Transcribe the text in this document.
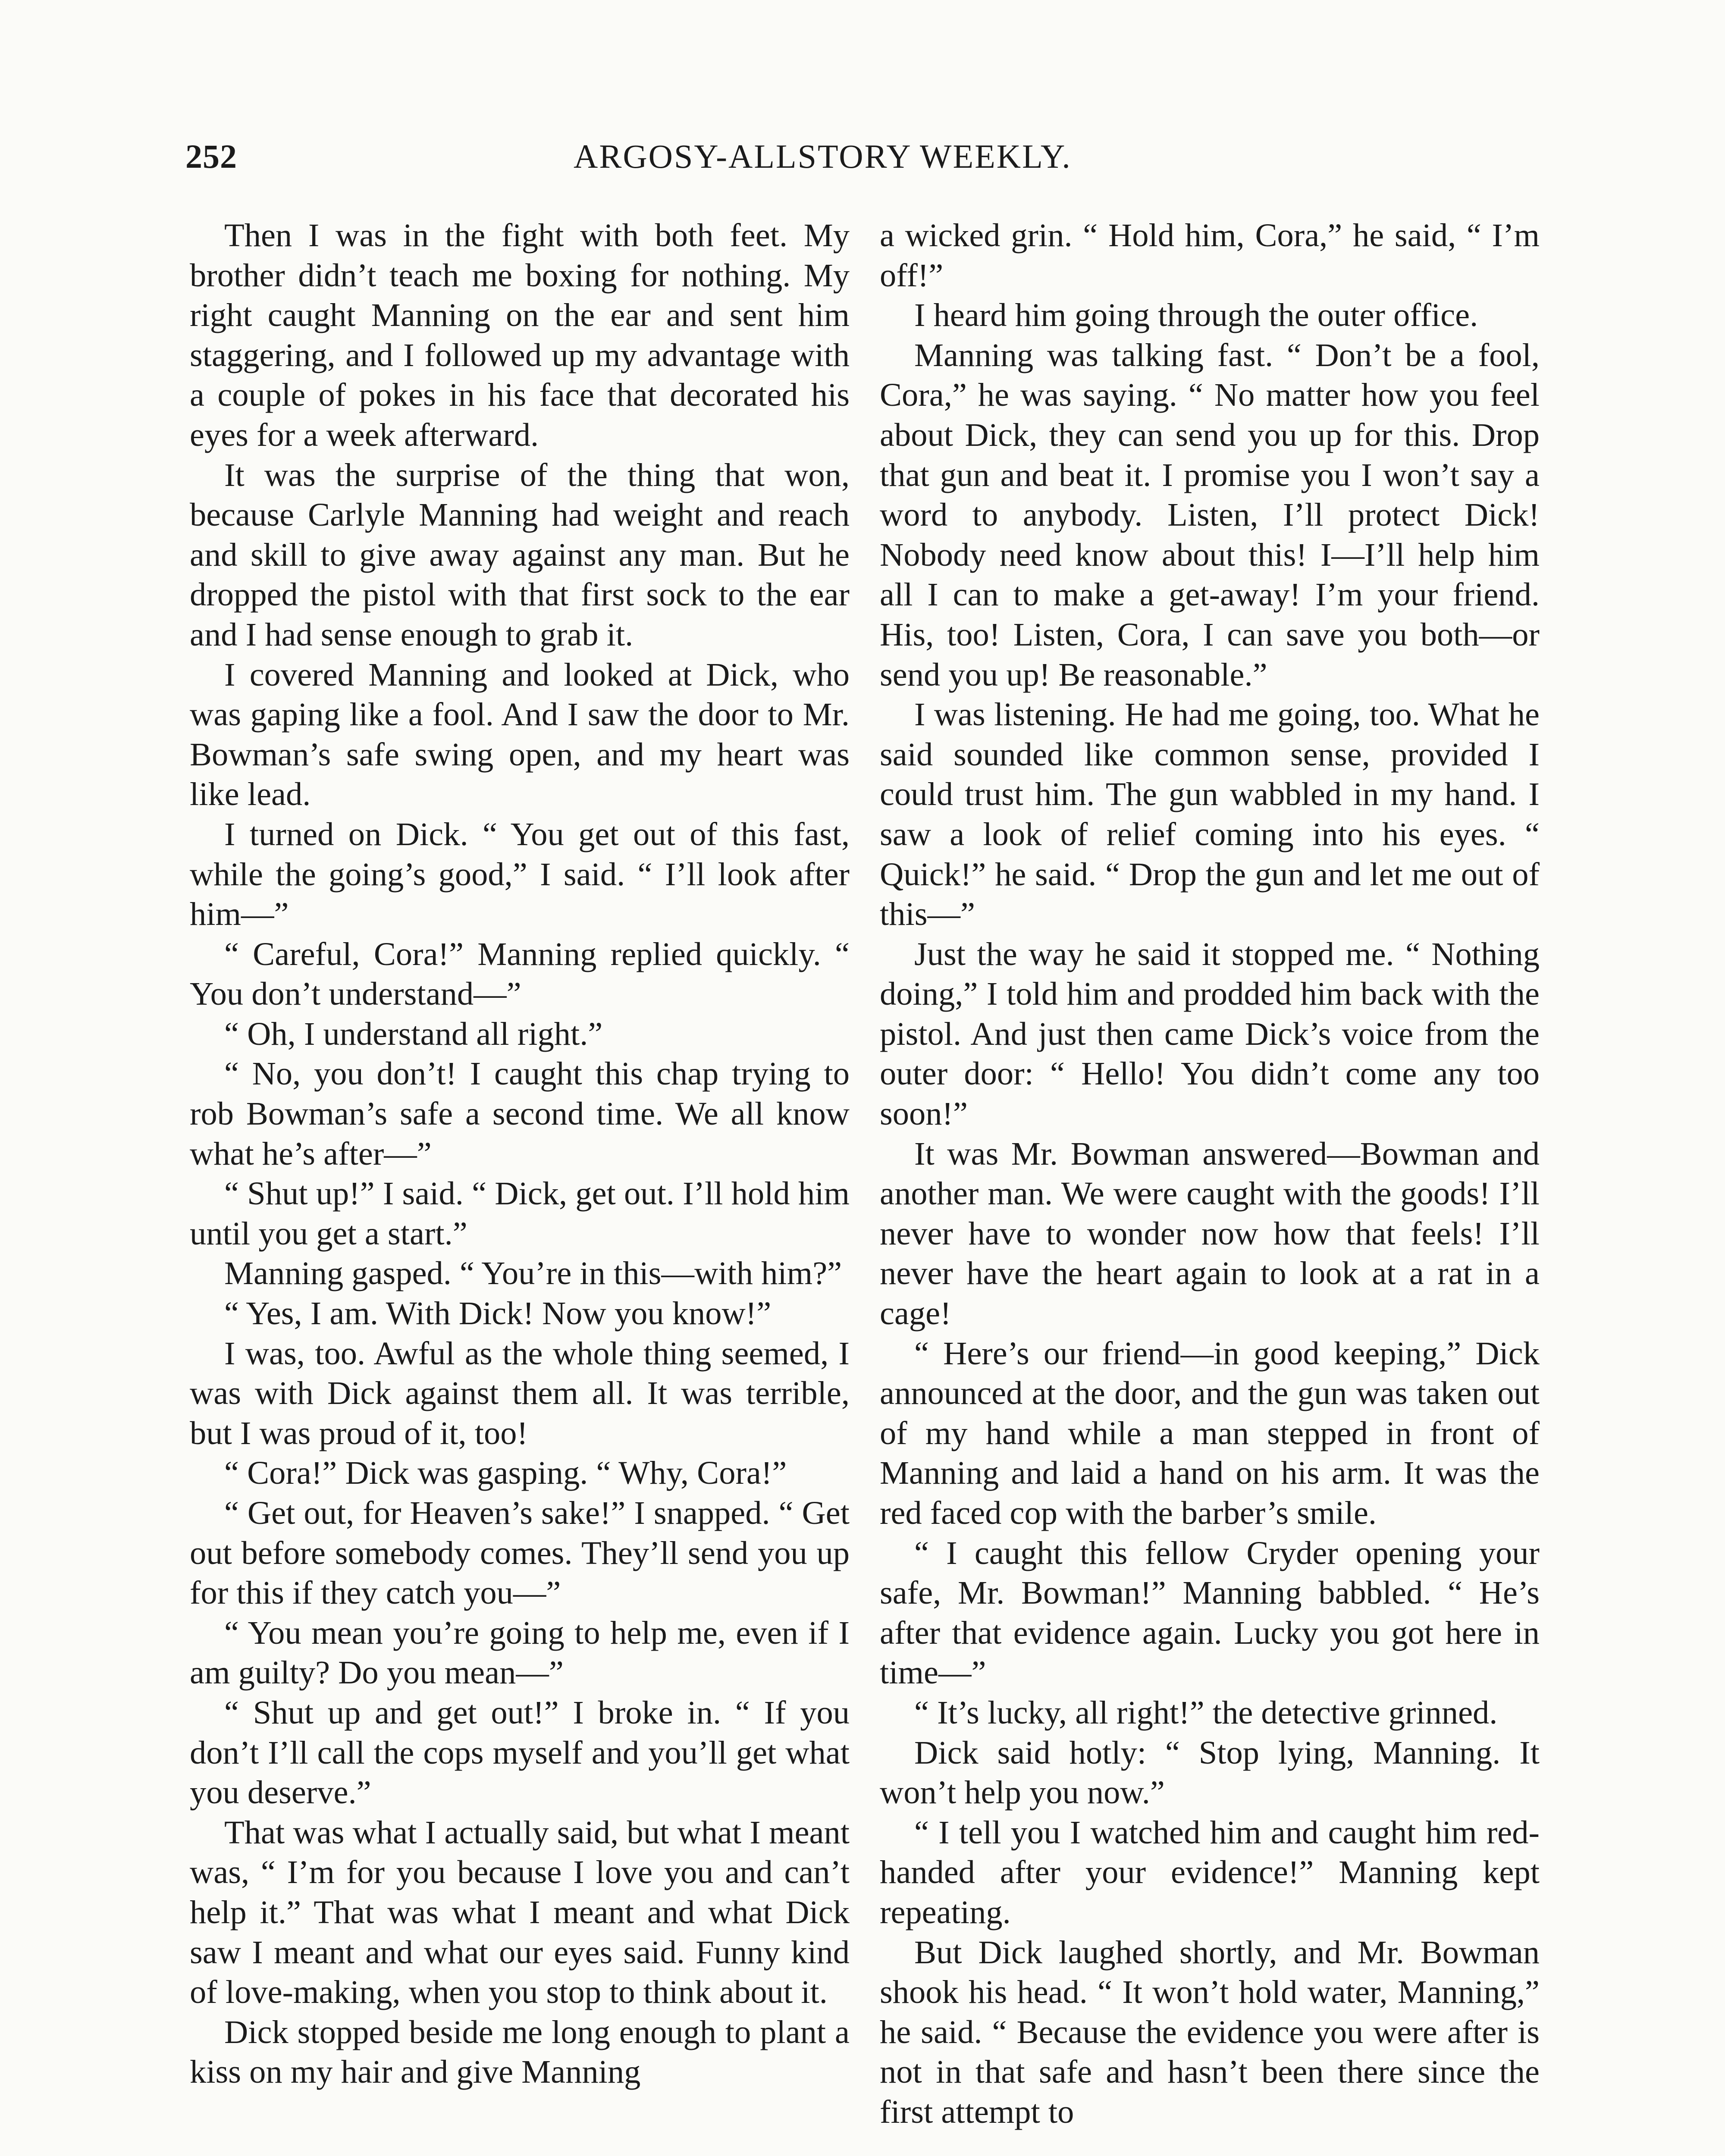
252	ARGOSY-ALLSTORY WEEKLY.

Then I was in the fight with both feet. My brother didn’t teach me boxing for nothing. My right caught Manning on the ear and sent him staggering, and I followed up my advantage with a couple of pokes in his face that decorated his eyes for a week afterward.

It was the surprise of the thing that won, because Carlyle Manning had weight and reach and skill to give away against any man. But he dropped the pistol with that first sock to the ear and I had sense enough to grab it.

I covered Manning and looked at Dick, who was gaping like a fool. And I saw the door to Mr. Bowman’s safe swing open, and my heart was like lead.

I turned on Dick. “ You get out of this fast, while the going’s good,” I said. “ I’ll look after him—”

“ Careful, Cora!” Manning replied quickly. “ You don’t understand—”

“ Oh, I understand all right.”

“ No, you don’t! I caught this chap trying to rob Bowman’s safe a second time. We all know what he’s after—”

“ Shut up!” I said. “ Dick, get out. I’ll hold him until you get a start.”

Manning gasped. “ You’re in this—with him?”

“ Yes, I am. With Dick! Now you know!”

I was, too. Awful as the whole thing seemed, I was with Dick against them all. It was terrible, but I was proud of it, too!

“ Cora!” Dick was gasping. “ Why, Cora!”

“ Get out, for Heaven’s sake!” I snapped. “ Get out before somebody comes. They’ll send you up for this if they catch you—”

“ You mean you’re going to help me, even if I am guilty? Do you mean—”

“ Shut up and get out!” I broke in. “ If you don’t I’ll call the cops myself and you’ll get what you deserve.”

That was what I actually said, but what I meant was, “ I’m for you because I love you and can’t help it.” That was what I meant and what Dick saw I meant and what our eyes said. Funny kind of love-making, when you stop to think about it.

Dick stopped beside me long enough to plant a kiss on my hair and give Manning

a wicked grin. “ Hold him, Cora,” he said, “ I’m off!”

I heard him going through the outer office.

Manning was talking fast. “ Don’t be a fool, Cora,” he was saying. “ No matter how you feel about Dick, they can send you up for this. Drop that gun and beat it. I promise you I won’t say a word to anybody. Listen, I’ll protect Dick! Nobody need know about this! I—I’ll help him all I can to make a get-away! I’m your friend. His, too! Listen, Cora, I can save you both—or send you up! Be reasonable.”

I was listening. He had me going, too. What he said sounded like common sense, provided I could trust him. The gun wabbled in my hand. I saw a look of relief coming into his eyes. “ Quick!” he said. “ Drop the gun and let me out of this—”

Just the way he said it stopped me. “ Nothing doing,” I told him and prodded him back with the pistol. And just then came Dick’s voice from the outer door: “ Hello! You didn’t come any too soon!”

It was Mr. Bowman answered—Bowman and another man. We were caught with the goods! I’ll never have to wonder now how that feels! I’ll never have the heart again to look at a rat in a cage!

“ Here’s our friend—in good keeping,” Dick announced at the door, and the gun was taken out of my hand while a man stepped in front of Manning and laid a hand on his arm. It was the red faced cop with the barber’s smile.

“ I caught this fellow Cryder opening your safe, Mr. Bowman!” Manning babbled. “ He’s after that evidence again. Lucky you got here in time—”

“ It’s lucky, all right!” the detective grinned.

Dick said hotly: “ Stop lying, Manning. It won’t help you now.”

“ I tell you I watched him and caught him red-handed after your evidence!” Manning kept repeating.

But Dick laughed shortly, and Mr. Bowman shook his head. “ It won’t hold water, Manning,” he said. “ Because the evidence you were after is not in that safe and hasn’t been there since the first attempt to
